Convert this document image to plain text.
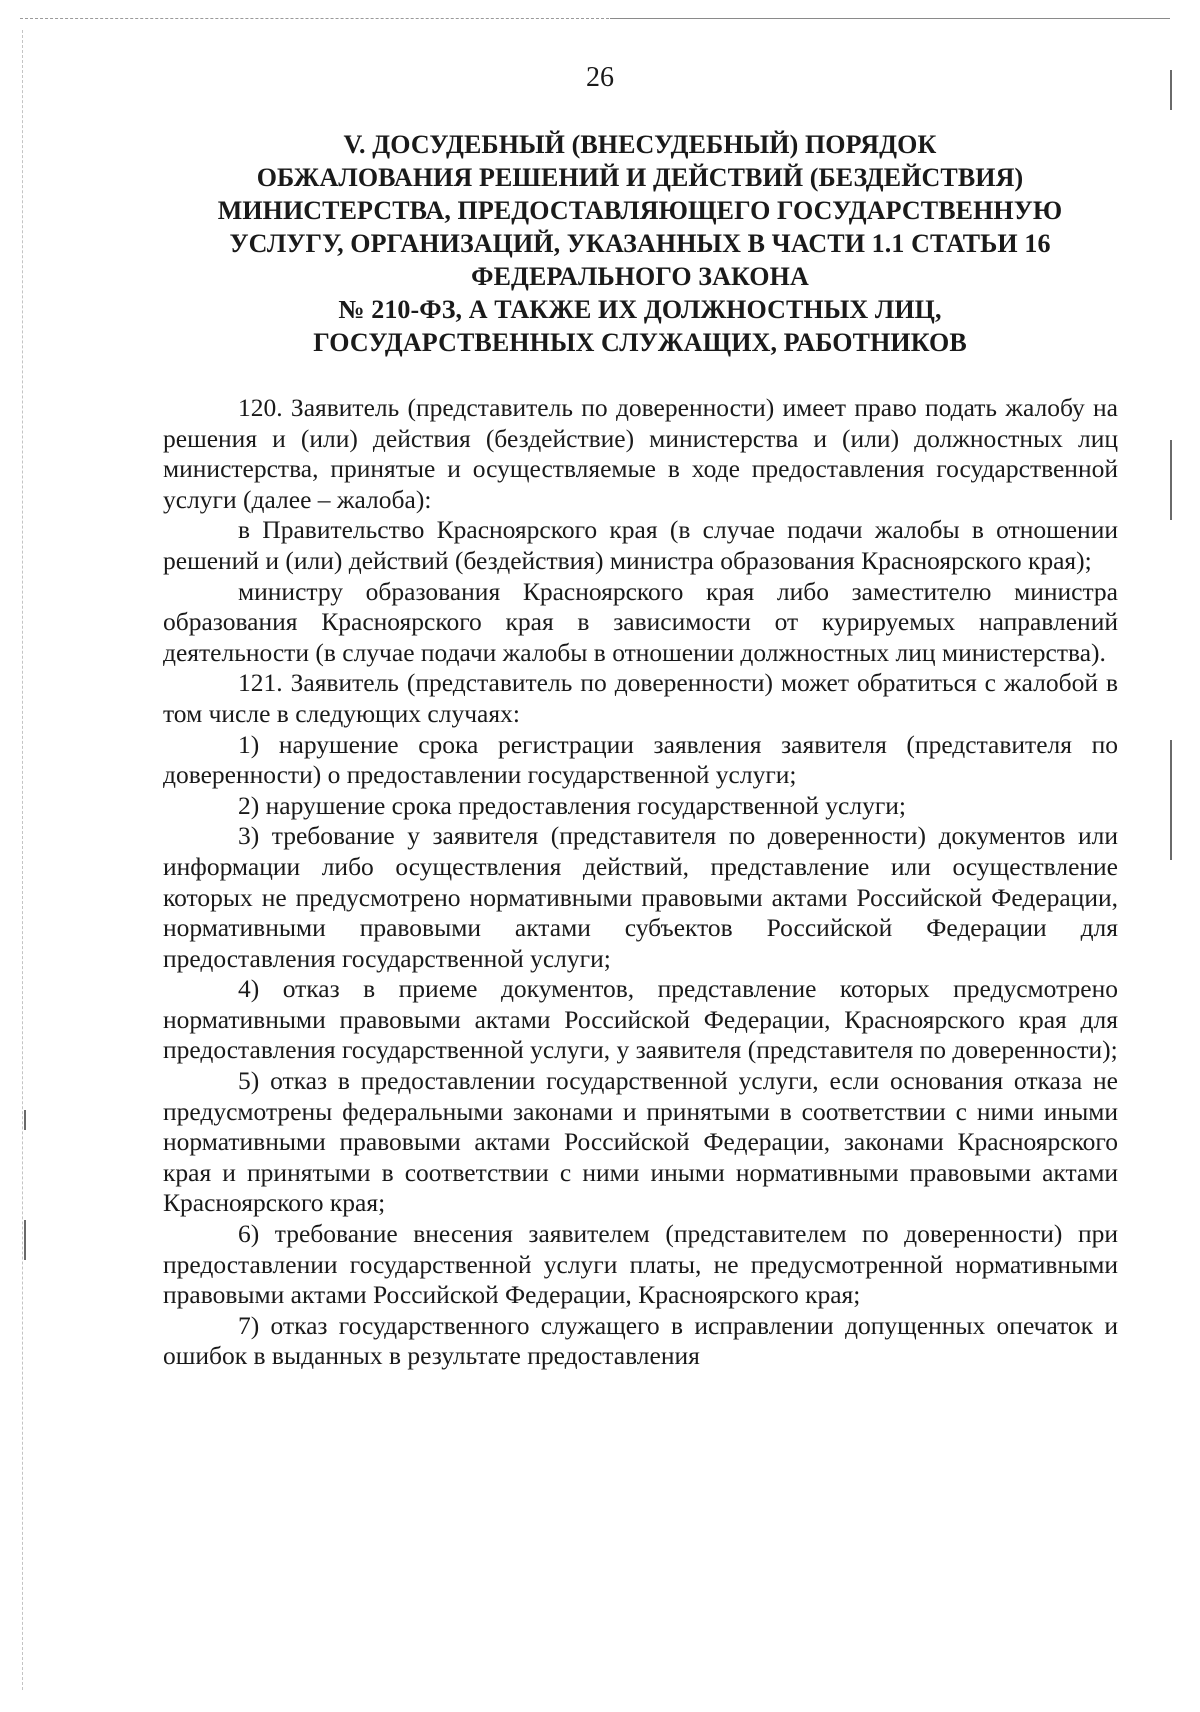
26
V. ДОСУДЕБНЫЙ (ВНЕСУДЕБНЫЙ) ПОРЯДОК
ОБЖАЛОВАНИЯ РЕШЕНИЙ И ДЕЙСТВИЙ (БЕЗДЕЙСТВИЯ)
МИНИСТЕРСТВА, ПРЕДОСТАВЛЯЮЩЕГО ГОСУДАРСТВЕННУЮ
УСЛУГУ, ОРГАНИЗАЦИЙ, УКАЗАННЫХ В ЧАСТИ 1.1 СТАТЬИ 16
ФЕДЕРАЛЬНОГО ЗАКОНА
№ 210-ФЗ, А ТАКЖЕ ИХ ДОЛЖНОСТНЫХ ЛИЦ,
ГОСУДАРСТВЕННЫХ СЛУЖАЩИХ, РАБОТНИКОВ

120. Заявитель (представитель по доверенности) имеет право подать жалобу на решения и (или) действия (бездействие) министерства и (или) должностных лиц министерства, принятые и осуществляемые в ходе предоставления государственной услуги (далее – жалоба):

в Правительство Красноярского края (в случае подачи жалобы в отношении решений и (или) действий (бездействия) министра образования Красноярского края);

министру образования Красноярского края либо заместителю министра образования Красноярского края в зависимости от курируемых направлений деятельности (в случае подачи жалобы в отношении должностных лиц министерства).

121. Заявитель (представитель по доверенности) может обратиться с жалобой в том числе в следующих случаях:

1) нарушение срока регистрации заявления заявителя (представителя по доверенности) о предоставлении государственной услуги;

2) нарушение срока предоставления государственной услуги;

3) требование у заявителя (представителя по доверенности) документов или информации либо осуществления действий, представление или осуществление которых не предусмотрено нормативными правовыми актами Российской Федерации, нормативными правовыми актами субъектов Российской Федерации для предоставления государственной услуги;

4) отказ в приеме документов, представление которых предусмотрено нормативными правовыми актами Российской Федерации, Красноярского края для предоставления государственной услуги, у заявителя (представителя по доверенности);

5) отказ в предоставлении государственной услуги, если основания отказа не предусмотрены федеральными законами и принятыми в соответствии с ними иными нормативными правовыми актами Российской Федерации, законами Красноярского края и принятыми в соответствии с ними иными нормативными правовыми актами Красноярского края;

6) требование внесения заявителем (представителем по доверенности) при предоставлении государственной услуги платы, не предусмотренной нормативными правовыми актами Российской Федерации, Красноярского края;

7) отказ государственного служащего в исправлении допущенных опечаток и ошибок в выданных в результате предоставления
